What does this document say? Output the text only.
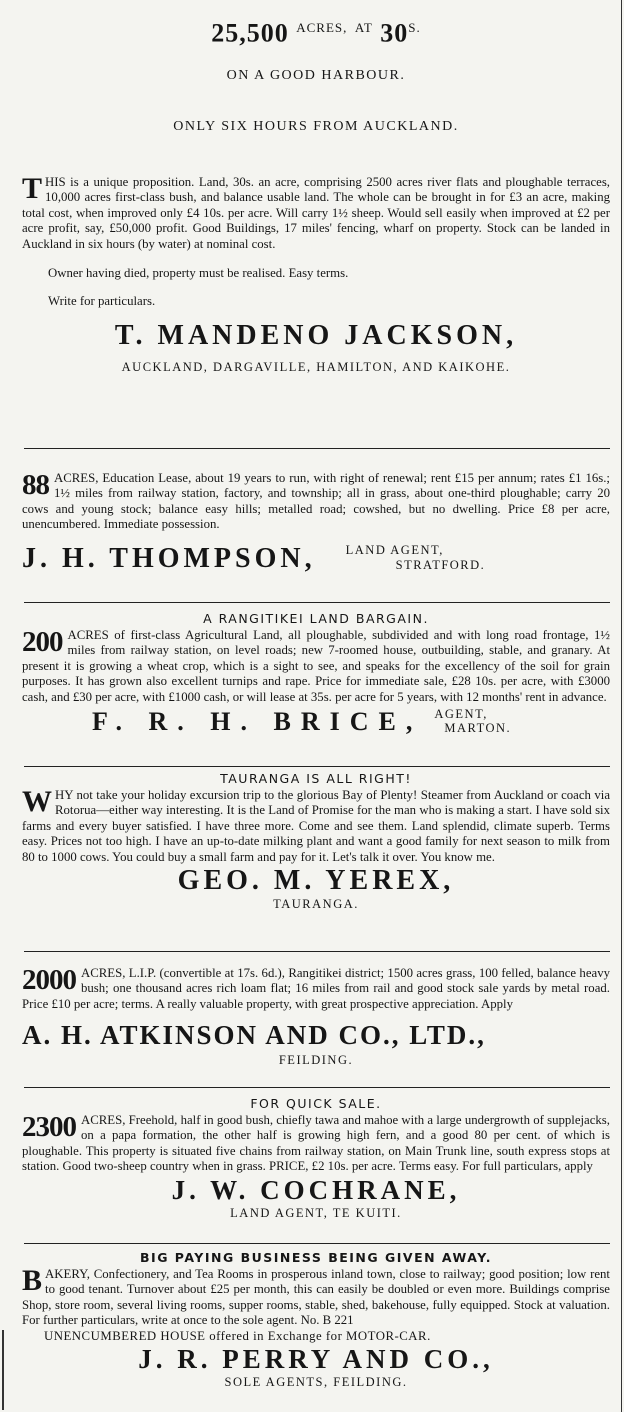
25,500 $^{ACRES,}$ $^{AT}$ $30^{S.}$
ON A GOOD HARBOUR.
ONLY SIX HOURS FROM AUCKLAND.
THIS is a unique proposition. Land, 30s. an acre, comprising 2500 acres river flats and ploughable terraces, 10,000 acres first-class bush, and balance usable land. The whole can be brought in for £3 an acre, making total cost, when improved only £4 10s. per acre. Will carry 1½ sheep. Would sell easily when improved at £2 per acre profit, say, £50,000 profit. Good Buildings, 17 miles' fencing, wharf on property. Stock can be landed in Auckland in six hours (by water) at nominal cost.

Owner having died, property must be realised. Easy terms.

Write for particulars.

T. MANDENO JACKSON,
AUCKLAND, DARGAVILLE, HAMILTON, AND KAIKOHE.
88 ACRES, Education Lease, about 19 years to run, with right of renewal; rent £15 per annum; rates £1 16s.; 1½ miles from railway station, factory, and township; all in grass, about one-third ploughable; carry 20 cows and young stock; balance easy hills; metalled road; cowshed, but no dwelling. Price £8 per acre, unencumbered. Immediate possession.
J. H. THOMPSON, LAND AGENT,
STRATFORD.
A RANGITIKEI LAND BARGAIN.
200 ACRES of first-class Agricultural Land, all ploughable, subdivided and with long road frontage, 1½ miles from railway station, on level roads; new 7-roomed house, outbuilding, stable, and granary. At present it is growing a wheat crop, which is a sight to see, and speaks for the excellency of the soil for grain purposes. It has grown also excellent turnips and rape. Price for immediate sale, £28 10s. per acre, with £3000 cash, and £30 per acre, with £1000 cash, or will lease at 35s. per acre for 5 years, with 12 months' rent in advance.
F. R. H. BRICE, AGENT,
MARTON.
TAURANGA IS ALL RIGHT!
WHY not take your holiday excursion trip to the glorious Bay of Plenty! Steamer from Auckland or coach via Rotorua—either way interesting. It is the Land of Promise for the man who is making a start. I have sold six farms and every buyer satisfied. I have three more. Come and see them. Land splendid, climate superb. Terms easy. Prices not too high. I have an up-to-date milking plant and want a good family for next season to milk from 80 to 1000 cows. You could buy a small farm and pay for it. Let's talk it over. You know me.
GEO. M. YEREX,
TAURANGA.
2000 ACRES, L.I.P. (convertible at 17s. 6d.), Rangitikei district; 1500 acres grass, 100 felled, balance heavy bush; one thousand acres rich loam flat; 16 miles from rail and good stock sale yards by metal road. Price £10 per acre; terms. A really valuable property, with great prospective appreciation. Apply
A. H. ATKINSON AND CO., LTD.,
FEILDING.
FOR QUICK SALE.
2300 ACRES, Freehold, half in good bush, chiefly tawa and mahoe with a large undergrowth of supplejacks, on a papa formation, the other half is growing high fern, and a good 80 per cent. of which is ploughable. This property is situated five chains from railway station, on Main Trunk line, south express stops at station. Good two-sheep country when in grass. PRICE, £2 10s. per acre. Terms easy. For full particulars, apply
J. W. COCHRANE,
LAND AGENT, TE KUITI.
BIG PAYING BUSINESS BEING GIVEN AWAY.
BAKERY, Confectionery, and Tea Rooms in prosperous inland town, close to railway; good position; low rent to good tenant. Turnover about £25 per month, this can easily be doubled or even more. Buildings comprise Shop, store room, several living rooms, supper rooms, stable, shed, bakehouse, fully equipped. Stock at valuation. For further particulars, write at once to the sole agent. No. B 221
UNENCUMBERED HOUSE offered in Exchange for MOTOR-CAR.
J. R. PERRY AND CO.,
SOLE AGENTS, FEILDING.
